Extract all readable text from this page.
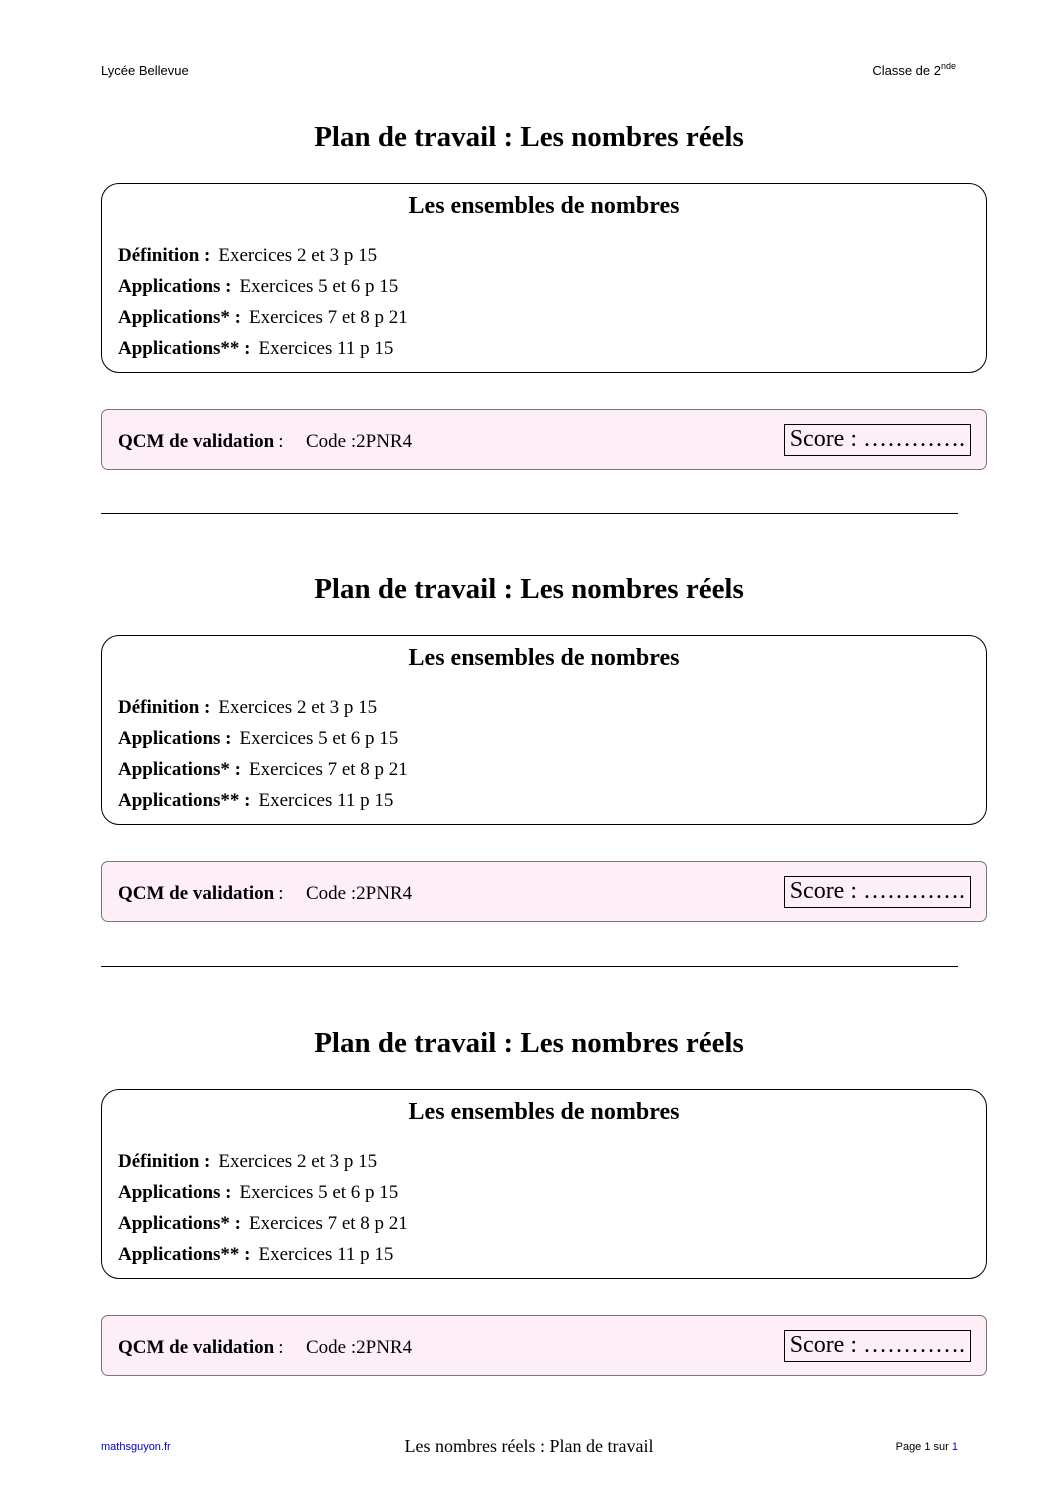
Lycée Bellevue	Classe de 2nde
Plan de travail : Les nombres réels
Les ensembles de nombres
Définition : Exercices 2 et 3 p 15
Applications : Exercices 5 et 6 p 15
Applications* : Exercices 7 et 8 p 21
Applications** : Exercices 11 p 15
QCM de validation : Code :2PNR4	Score : ………….
Plan de travail : Les nombres réels
Les ensembles de nombres
Définition : Exercices 2 et 3 p 15
Applications : Exercices 5 et 6 p 15
Applications* : Exercices 7 et 8 p 21
Applications** : Exercices 11 p 15
QCM de validation : Code :2PNR4	Score : ………….
Plan de travail : Les nombres réels
Les ensembles de nombres
Définition : Exercices 2 et 3 p 15
Applications : Exercices 5 et 6 p 15
Applications* : Exercices 7 et 8 p 21
Applications** : Exercices 11 p 15
QCM de validation : Code :2PNR4	Score : ………….
mathsguyon.fr	Les nombres réels : Plan de travail	Page 1 sur 1
